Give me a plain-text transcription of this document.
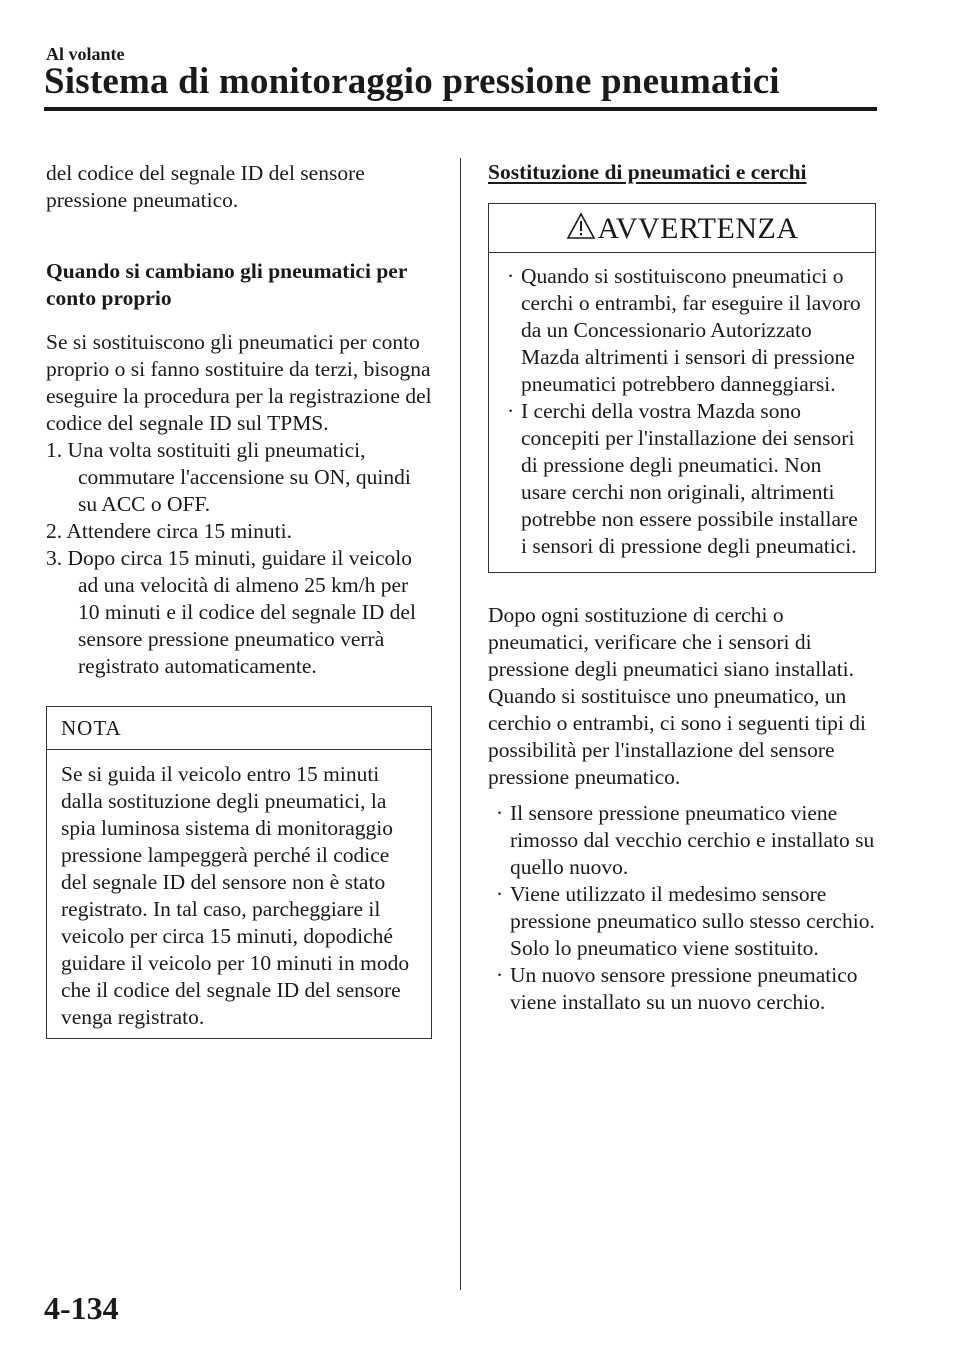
Al volante
Sistema di monitoraggio pressione pneumatici

del codice del segnale ID del sensore pressione pneumatico.

Quando si cambiano gli pneumatici per conto proprio

Se si sostituiscono gli pneumatici per conto proprio o si fanno sostituire da terzi, bisogna eseguire la procedura per la registrazione del codice del segnale ID sul TPMS.

1. Una volta sostituiti gli pneumatici, commutare l'accensione su ON, quindi su ACC o OFF.
2. Attendere circa 15 minuti.
3. Dopo circa 15 minuti, guidare il veicolo ad una velocità di almeno 25 km/h per 10 minuti e il codice del segnale ID del sensore pressione pneumatico verrà registrato automaticamente.
NOTA
Se si guida il veicolo entro 15 minuti dalla sostituzione degli pneumatici, la spia luminosa sistema di monitoraggio pressione lampeggerà perché il codice del segnale ID del sensore non è stato registrato. In tal caso, parcheggiare il veicolo per circa 15 minuti, dopodiché guidare il veicolo per 10 minuti in modo che il codice del segnale ID del sensore venga registrato.

Sostituzione di pneumatici e cerchi

AVVERTENZA
· Quando si sostituiscono pneumatici o cerchi o entrambi, far eseguire il lavoro da un Concessionario Autorizzato Mazda altrimenti i sensori di pressione pneumatici potrebbero danneggiarsi.
· I cerchi della vostra Mazda sono concepiti per l'installazione dei sensori di pressione degli pneumatici. Non usare cerchi non originali, altrimenti potrebbe non essere possibile installare i sensori di pressione degli pneumatici.

Dopo ogni sostituzione di cerchi o pneumatici, verificare che i sensori di pressione degli pneumatici siano installati. Quando si sostituisce uno pneumatico, un cerchio o entrambi, ci sono i seguenti tipi di possibilità per l'installazione del sensore pressione pneumatico.

· Il sensore pressione pneumatico viene rimosso dal vecchio cerchio e installato su quello nuovo.
· Viene utilizzato il medesimo sensore pressione pneumatico sullo stesso cerchio. Solo lo pneumatico viene sostituito.
· Un nuovo sensore pressione pneumatico viene installato su un nuovo cerchio.
4-134
